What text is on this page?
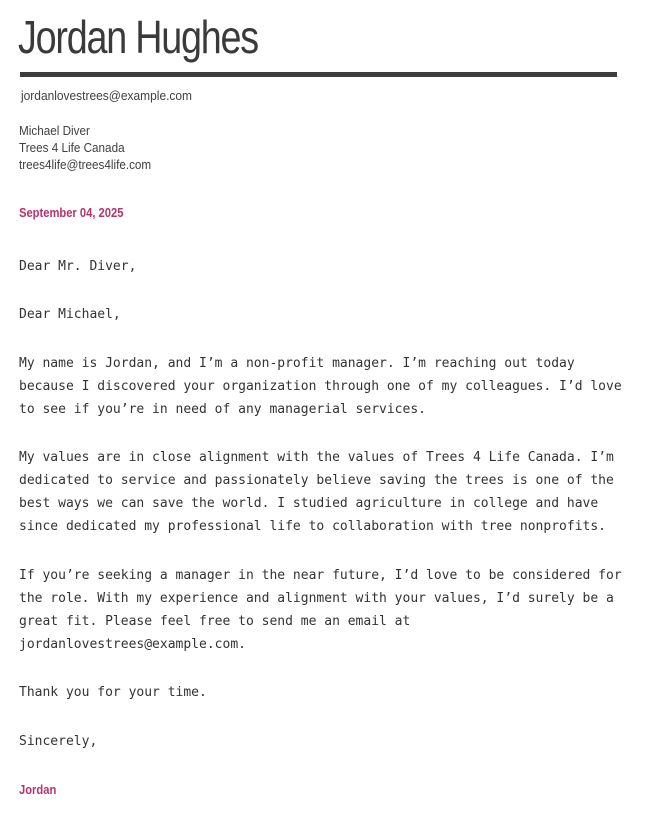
Jordan Hughes
jordanlovestrees@example.com
Michael Diver
Trees 4 Life Canada
trees4life@trees4life.com
September 04, 2025
Dear Mr. Diver,
Dear Michael,
My name is Jordan, and I’m a non-profit manager. I’m reaching out today
because I discovered your organization through one of my colleagues. I’d love
to see if you’re in need of any managerial services.
My values are in close alignment with the values of Trees 4 Life Canada. I’m
dedicated to service and passionately believe saving the trees is one of the
best ways we can save the world. I studied agriculture in college and have
since dedicated my professional life to collaboration with tree nonprofits.
If you’re seeking a manager in the near future, I’d love to be considered for
the role. With my experience and alignment with your values, I’d surely be a
great fit. Please feel free to send me an email at
jordanlovestrees@example.com.
Thank you for your time.
Sincerely,
Jordan
